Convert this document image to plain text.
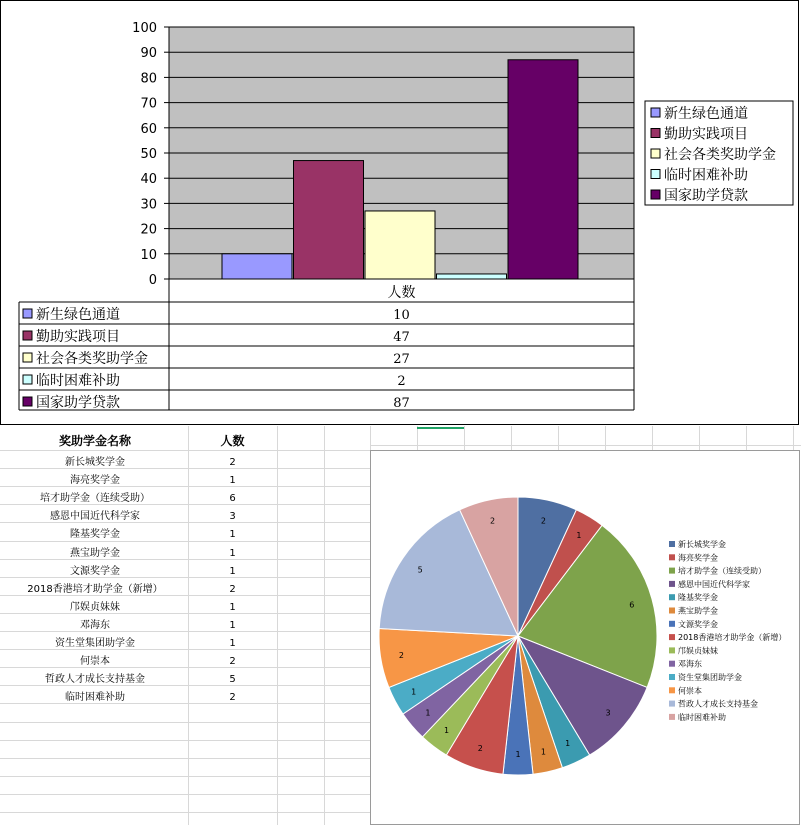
0
10
20
30
40
50
60
70
80
90
100
新生绿色通道
勤助实践项目
社会各类奖助学金
临时困难补助
国家助学贷款
人数
新生绿色通道	10
勤助实践项目	47
社会各类奖助学金	27
临时困难补助	2
国家助学贷款	87
奖助学金名称	人数
新长城奖学金	2
海亮奖学金	1
培才助学金（连续受助）	6
感恩中国近代科学家	3
隆基奖学金	1
燕宝助学金	1
文源奖学金	1
2018香港培才助学金（新增）	2
邝娱贞妹妹	1
邓海东	1
资生堂集团助学金	1
何崇本	2
哲政人才成长支持基金	5
临时困难补助	2
2
1
6
3
1
1
1
2
1
1
1
2
5
2
新长城奖学金
海亮奖学金
培才助学金（连续受助）
感恩中国近代科学家
隆基奖学金
燕宝助学金
文源奖学金
2018香港培才助学金（新增）
邝娱贞妹妹
邓海东
资生堂集团助学金
何崇本
哲政人才成长支持基金
临时困难补助
